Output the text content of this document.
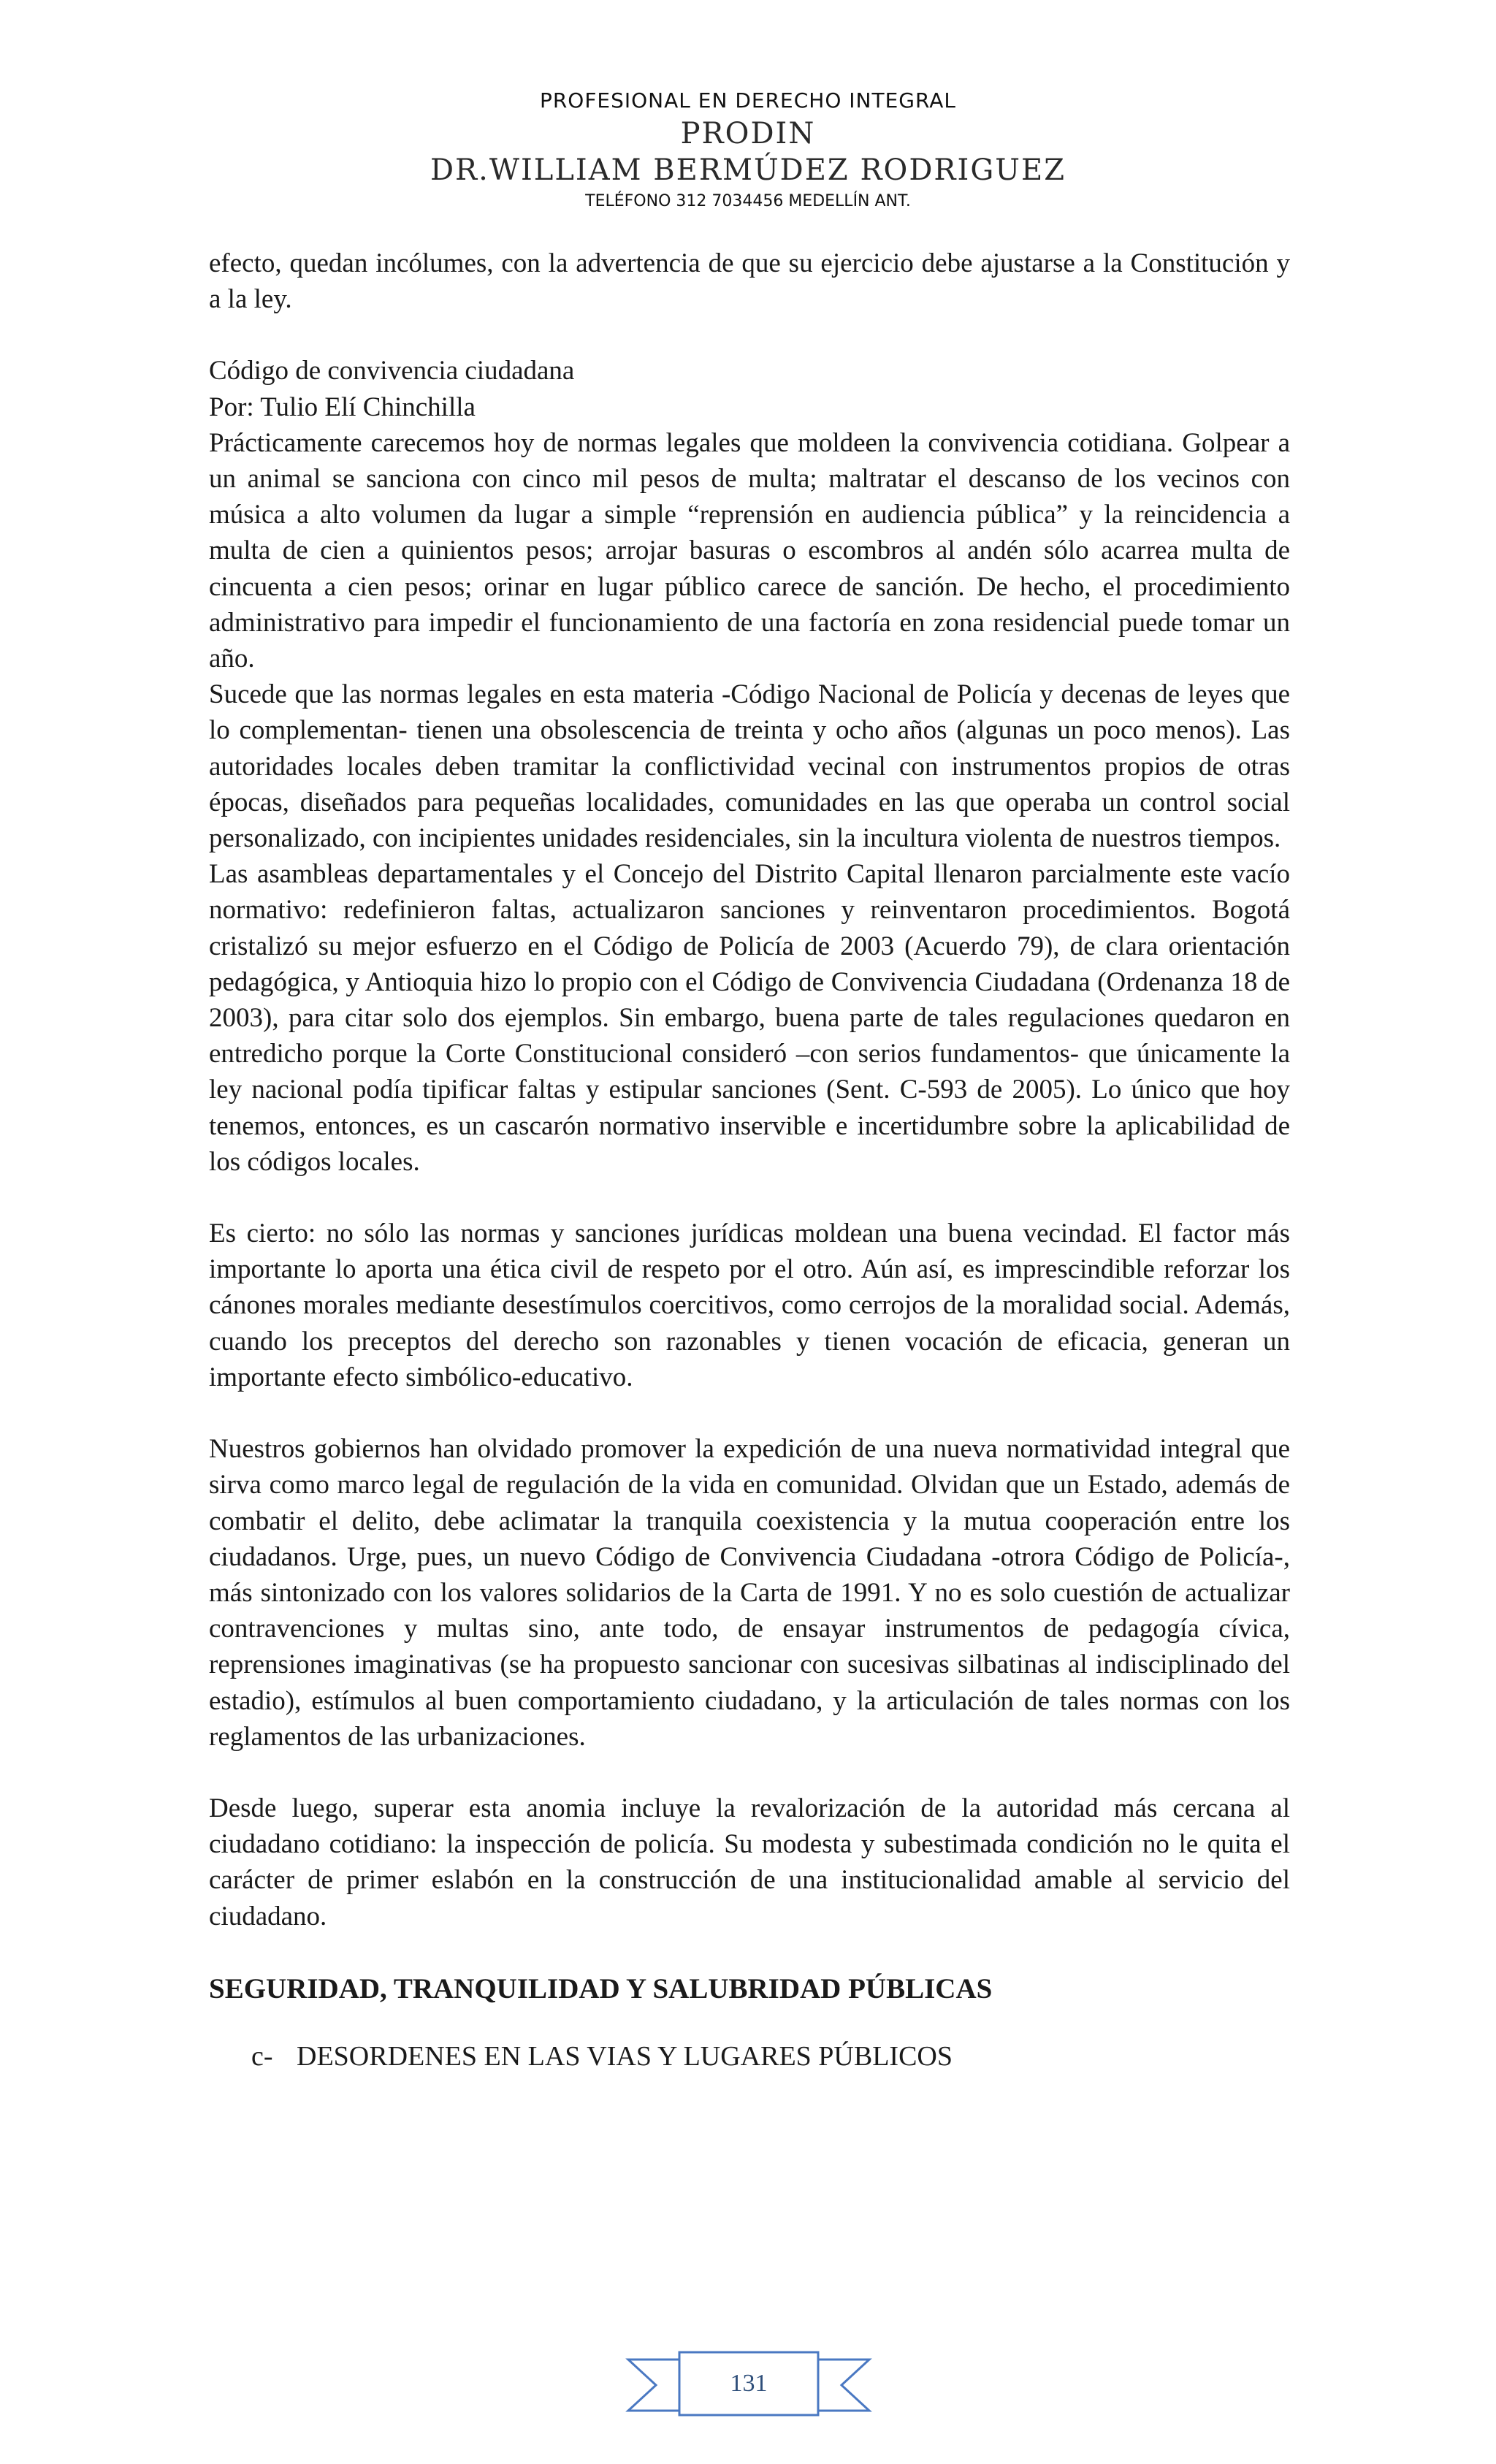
PROFESIONAL EN DERECHO INTEGRAL
PRODIN
DR.WILLIAM BERMÚDEZ RODRIGUEZ
TELÉFONO 312 7034456 MEDELLÍN ANT.

efecto, quedan incólumes, con la advertencia de que su ejercicio debe ajustarse a la Constitución y a la ley.

Código de convivencia ciudadana

Por: Tulio Elí Chinchilla

Prácticamente carecemos hoy de normas legales que moldeen la convivencia cotidiana. Golpear a un animal se sanciona con cinco mil pesos de multa; maltratar el descanso de los vecinos con música a alto volumen da lugar a simple “reprensión en audiencia pública” y la reincidencia a multa de cien a quinientos pesos; arrojar basuras o escombros al andén sólo acarrea multa de cincuenta a cien pesos; orinar en lugar público carece de sanción. De hecho, el procedimiento administrativo para impedir el funcionamiento de una factoría en zona residencial puede tomar un año.

Sucede que las normas legales en esta materia -Código Nacional de Policía y decenas de leyes que lo complementan- tienen una obsolescencia de treinta y ocho años (algunas un poco menos). Las autoridades locales deben tramitar la conflictividad vecinal con instrumentos propios de otras épocas, diseñados para pequeñas localidades, comunidades en las que operaba un control social personalizado, con incipientes unidades residenciales, sin la incultura violenta de nuestros tiempos.

Las asambleas departamentales y el Concejo del Distrito Capital llenaron parcialmente este vacío normativo: redefinieron faltas, actualizaron sanciones y reinventaron procedimientos. Bogotá cristalizó su mejor esfuerzo en el Código de Policía de 2003 (Acuerdo 79), de clara orientación pedagógica, y Antioquia hizo lo propio con el Código de Convivencia Ciudadana (Ordenanza 18 de 2003), para citar solo dos ejemplos. Sin embargo, buena parte de tales regulaciones quedaron en entredicho porque la Corte Constitucional consideró –con serios fundamentos- que únicamente la ley nacional podía tipificar faltas y estipular sanciones (Sent. C-593 de 2005). Lo único que hoy tenemos, entonces, es un cascarón normativo inservible e incertidumbre sobre la aplicabilidad de los códigos locales.

Es cierto: no sólo las normas y sanciones jurídicas moldean una buena vecindad. El factor más importante lo aporta una ética civil de respeto por el otro. Aún así, es imprescindible reforzar los cánones morales mediante desestímulos coercitivos, como cerrojos de la moralidad social. Además, cuando los preceptos del derecho son razonables y tienen vocación de eficacia, generan un importante efecto simbólico-educativo.

Nuestros gobiernos han olvidado promover la expedición de una nueva normatividad integral que sirva como marco legal de regulación de la vida en comunidad. Olvidan que un Estado, además de combatir el delito, debe aclimatar la tranquila coexistencia y la mutua cooperación entre los ciudadanos. Urge, pues, un nuevo Código de Convivencia Ciudadana -otrora Código de Policía-, más sintonizado con los valores solidarios de la Carta de 1991. Y no es solo cuestión de actualizar contravenciones y multas sino, ante todo, de ensayar instrumentos de pedagogía cívica, reprensiones imaginativas (se ha propuesto sancionar con sucesivas silbatinas al indisciplinado del estadio), estímulos al buen comportamiento ciudadano, y la articulación de tales normas con los reglamentos de las urbanizaciones.

Desde luego, superar esta anomia incluye la revalorización de la autoridad más cercana al ciudadano cotidiano: la inspección de policía. Su modesta y subestimada condición no le quita el carácter de primer eslabón en la construcción de una institucionalidad amable al servicio del ciudadano.

SEGURIDAD, TRANQUILIDAD Y SALUBRIDAD PÚBLICAS
c- DESORDENES EN LAS VIAS Y LUGARES PÚBLICOS
131
